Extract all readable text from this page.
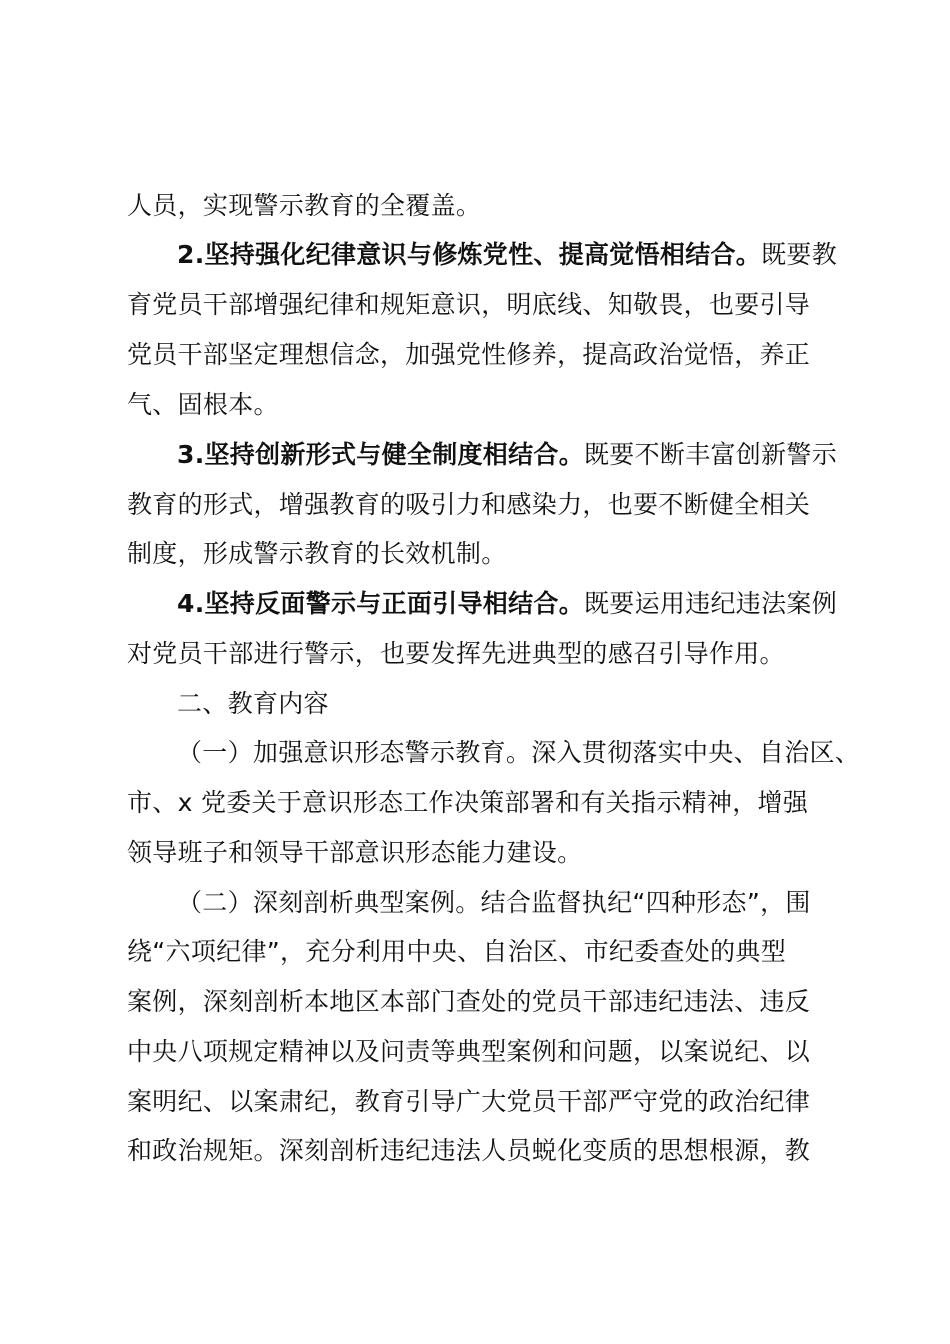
人员，实现警示教育的全覆盖。
2.坚持强化纪律意识与修炼党性、提高觉悟相结合。既要教
育党员干部增强纪律和规矩意识，明底线、知敬畏，也要引导
党员干部坚定理想信念，加强党性修养，提高政治觉悟，养正
气、固根本。
3.坚持创新形式与健全制度相结合。既要不断丰富创新警示
教育的形式，增强教育的吸引力和感染力，也要不断健全相关
制度，形成警示教育的长效机制。
4.坚持反面警示与正面引导相结合。既要运用违纪违法案例
对党员干部进行警示，也要发挥先进典型的感召引导作用。
二、教育内容
（一）加强意识形态警示教育。深入贯彻落实中央、自治区、
市、x 党委关于意识形态工作决策部署和有关指示精神，增强
领导班子和领导干部意识形态能力建设。
（二）深刻剖析典型案例。结合监督执纪“四种形态”，围
绕“六项纪律”，充分利用中央、自治区、市纪委查处的典型
案例，深刻剖析本地区本部门查处的党员干部违纪违法、违反
中央八项规定精神以及问责等典型案例和问题，以案说纪、以
案明纪、以案肃纪，教育引导广大党员干部严守党的政治纪律
和政治规矩。深刻剖析违纪违法人员蜕化变质的思想根源，教
